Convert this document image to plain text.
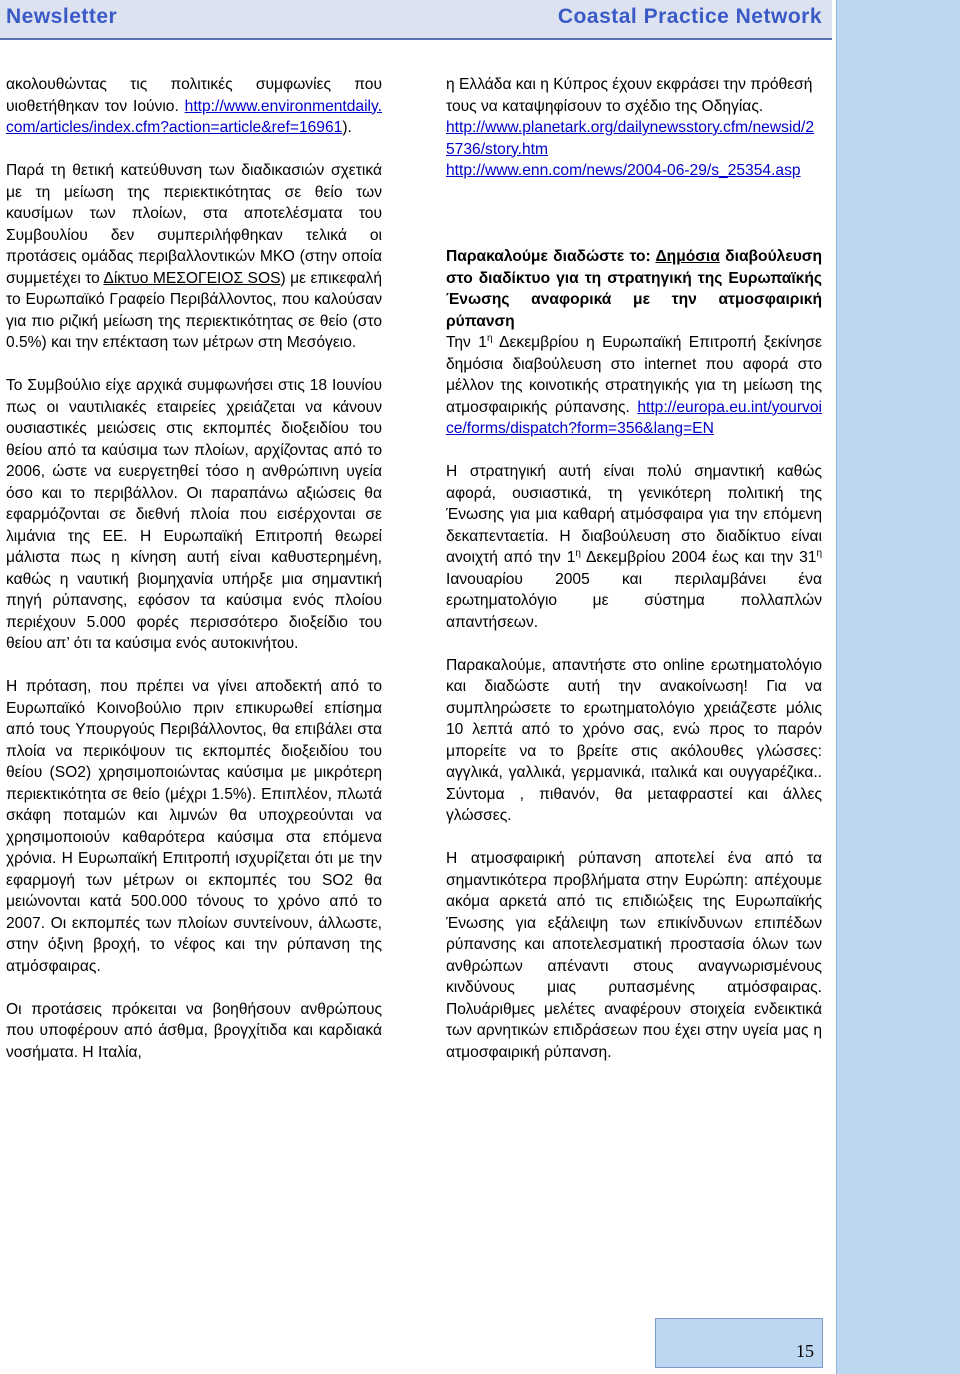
Newsletter	Coastal Practice Network

ακολουθώντας τις πολιτικές συμφωνίες που υιοθετήθηκαν τον Ιούνιο. http://www.environmentdaily.com/articles/index.cfm?action=article&ref=16961).

Παρά τη θετική κατεύθυνση των διαδικασιών σχετικά με τη μείωση της περιεκτικότητας σε θείο των καυσίμων των πλοίων, στα αποτελέσματα του Συμβουλίου δεν συμπεριλήφθηκαν τελικά οι προτάσεις ομάδας περιβαλλοντικών ΜΚΟ (στην οποία συμμετέχει το Δίκτυο ΜΕΣΟΓΕΙΟΣ SOS) με επικεφαλή το Ευρωπαϊκό Γραφείο Περιβάλλοντος, που καλούσαν για πιο ριζική μείωση της περιεκτικότητας σε θείο (στο 0.5%) και την επέκταση των μέτρων στη Μεσόγειο.

Το Συμβούλιο είχε αρχικά συμφωνήσει στις 18 Ιουνίου πως οι ναυτιλιακές εταιρείες χρειάζεται να κάνουν ουσιαστικές μειώσεις στις εκπομπές διοξειδίου του θείου από τα καύσιμα των πλοίων, αρχίζοντας από το 2006, ώστε να ευεργετηθεί τόσο η ανθρώπινη υγεία όσο και το περιβάλλον. Οι παραπάνω αξιώσεις θα εφαρμόζονται σε διεθνή πλοία που εισέρχονται σε λιμάνια της ΕΕ. Η Ευρωπαϊκή Επιτροπή θεωρεί μάλιστα πως η κίνηση αυτή είναι καθυστερημένη, καθώς η ναυτική βιομηχανία υπήρξε μια σημαντική πηγή ρύπανσης, εφόσον τα καύσιμα ενός πλοίου περιέχουν 5.000 φορές περισσότερο διοξείδιο του θείου απ’ ότι τα καύσιμα ενός αυτοκινήτου.

Η πρόταση, που πρέπει να γίνει αποδεκτή από το Ευρωπαϊκό Κοινοβούλιο πριν επικυρωθεί επίσημα από τους Υπουργούς Περιβάλλοντος, θα επιβάλει στα πλοία να περικόψουν τις εκπομπές διοξειδίου του θείου (SO2) χρησιμοποιώντας καύσιμα με μικρότερη περιεκτικότητα σε θείο (μέχρι 1.5%). Επιπλέον, πλωτά σκάφη ποταμών και λιμνών θα υποχρεούνται να χρησιμοποιούν καθαρότερα καύσιμα στα επόμενα χρόνια. Η Ευρωπαϊκή Επιτροπή ισχυρίζεται ότι με την εφαρμογή των μέτρων οι εκπομπές του SO2 θα μειώνονται κατά 500.000 τόνους το χρόνο από το 2007. Οι εκπομπές των πλοίων συντείνουν, άλλωστε, στην όξινη βροχή, το νέφος και την ρύπανση της ατμόσφαιρας.

Οι προτάσεις πρόκειται να βοηθήσουν ανθρώπους που υποφέρουν από άσθμα, βρογχίτιδα και καρδιακά νοσήματα. Η Ιταλία,

η Ελλάδα και η Κύπρος έχουν εκφράσει την πρόθεσή τους να καταψηφίσουν το σχέδιο της Οδηγίας.
http://www.planetark.org/dailynewsstory.cfm/newsid/25736/story.htm
http://www.enn.com/news/2004-06-29/s_25354.asp

Παρακαλούμε διαδώστε το: Δημόσια διαβούλευση στο διαδίκτυο για τη στρατηγική της Ευρωπαϊκής Ένωσης αναφορικά με την ατμοσφαιρική ρύπανση
Την $1^\eta$ Δεκεμβρίου η Ευρωπαϊκή Επιτροπή ξεκίνησε δημόσια διαβούλευση στο internet που αφορά στο μέλλον της κοινοτικής στρατηγικής για τη μείωση της ατμοσφαιρικής ρύπανσης. http://europa.eu.int/yourvoice/forms/dispatch?form=356&lang=EN

Η στρατηγική αυτή είναι πολύ σημαντική καθώς αφορά, ουσιαστικά, τη γενικότερη πολιτική της Ένωσης για μια καθαρή ατμόσφαιρα για την επόμενη δεκαπενταετία. Η διαβούλευση στο διαδίκτυο είναι ανοιχτή από την $1^\eta$ Δεκεμβρίου 2004 έως και την $31^\eta$ Ιανουαρίου 2005 και περιλαμβάνει ένα ερωτηματολόγιο με σύστημα πολλαπλών απαντήσεων.

Παρακαλούμε, απαντήστε στο online ερωτηματολόγιο και διαδώστε αυτή την ανακοίνωση! Για να συμπληρώσετε το ερωτηματολόγιο χρειάζεστε μόλις 10 λεπτά από το χρόνο σας, ενώ προς το παρόν μπορείτε να το βρείτε στις ακόλουθες γλώσσες: αγγλικά, γαλλικά, γερμανικά, ιταλικά και ουγγαρέζικα.. Σύντομα , πιθανόν, θα μεταφραστεί και άλλες γλώσσες.

Η ατμοσφαιρική ρύπανση αποτελεί ένα από τα σημαντικότερα προβλήματα στην Ευρώπη: απέχουμε ακόμα αρκετά από τις επιδιώξεις της Ευρωπαϊκής Ένωσης για εξάλειψη των επικίνδυνων επιπέδων ρύπανσης και αποτελεσματική προστασία όλων των ανθρώπων απέναντι στους αναγνωρισμένους κινδύνους μιας ρυπασμένης ατμόσφαιρας. Πολυάριθμες μελέτες αναφέρουν στοιχεία ενδεικτικά των αρνητικών επιδράσεων που έχει στην υγεία μας η ατμοσφαιρική ρύπανση.

15
